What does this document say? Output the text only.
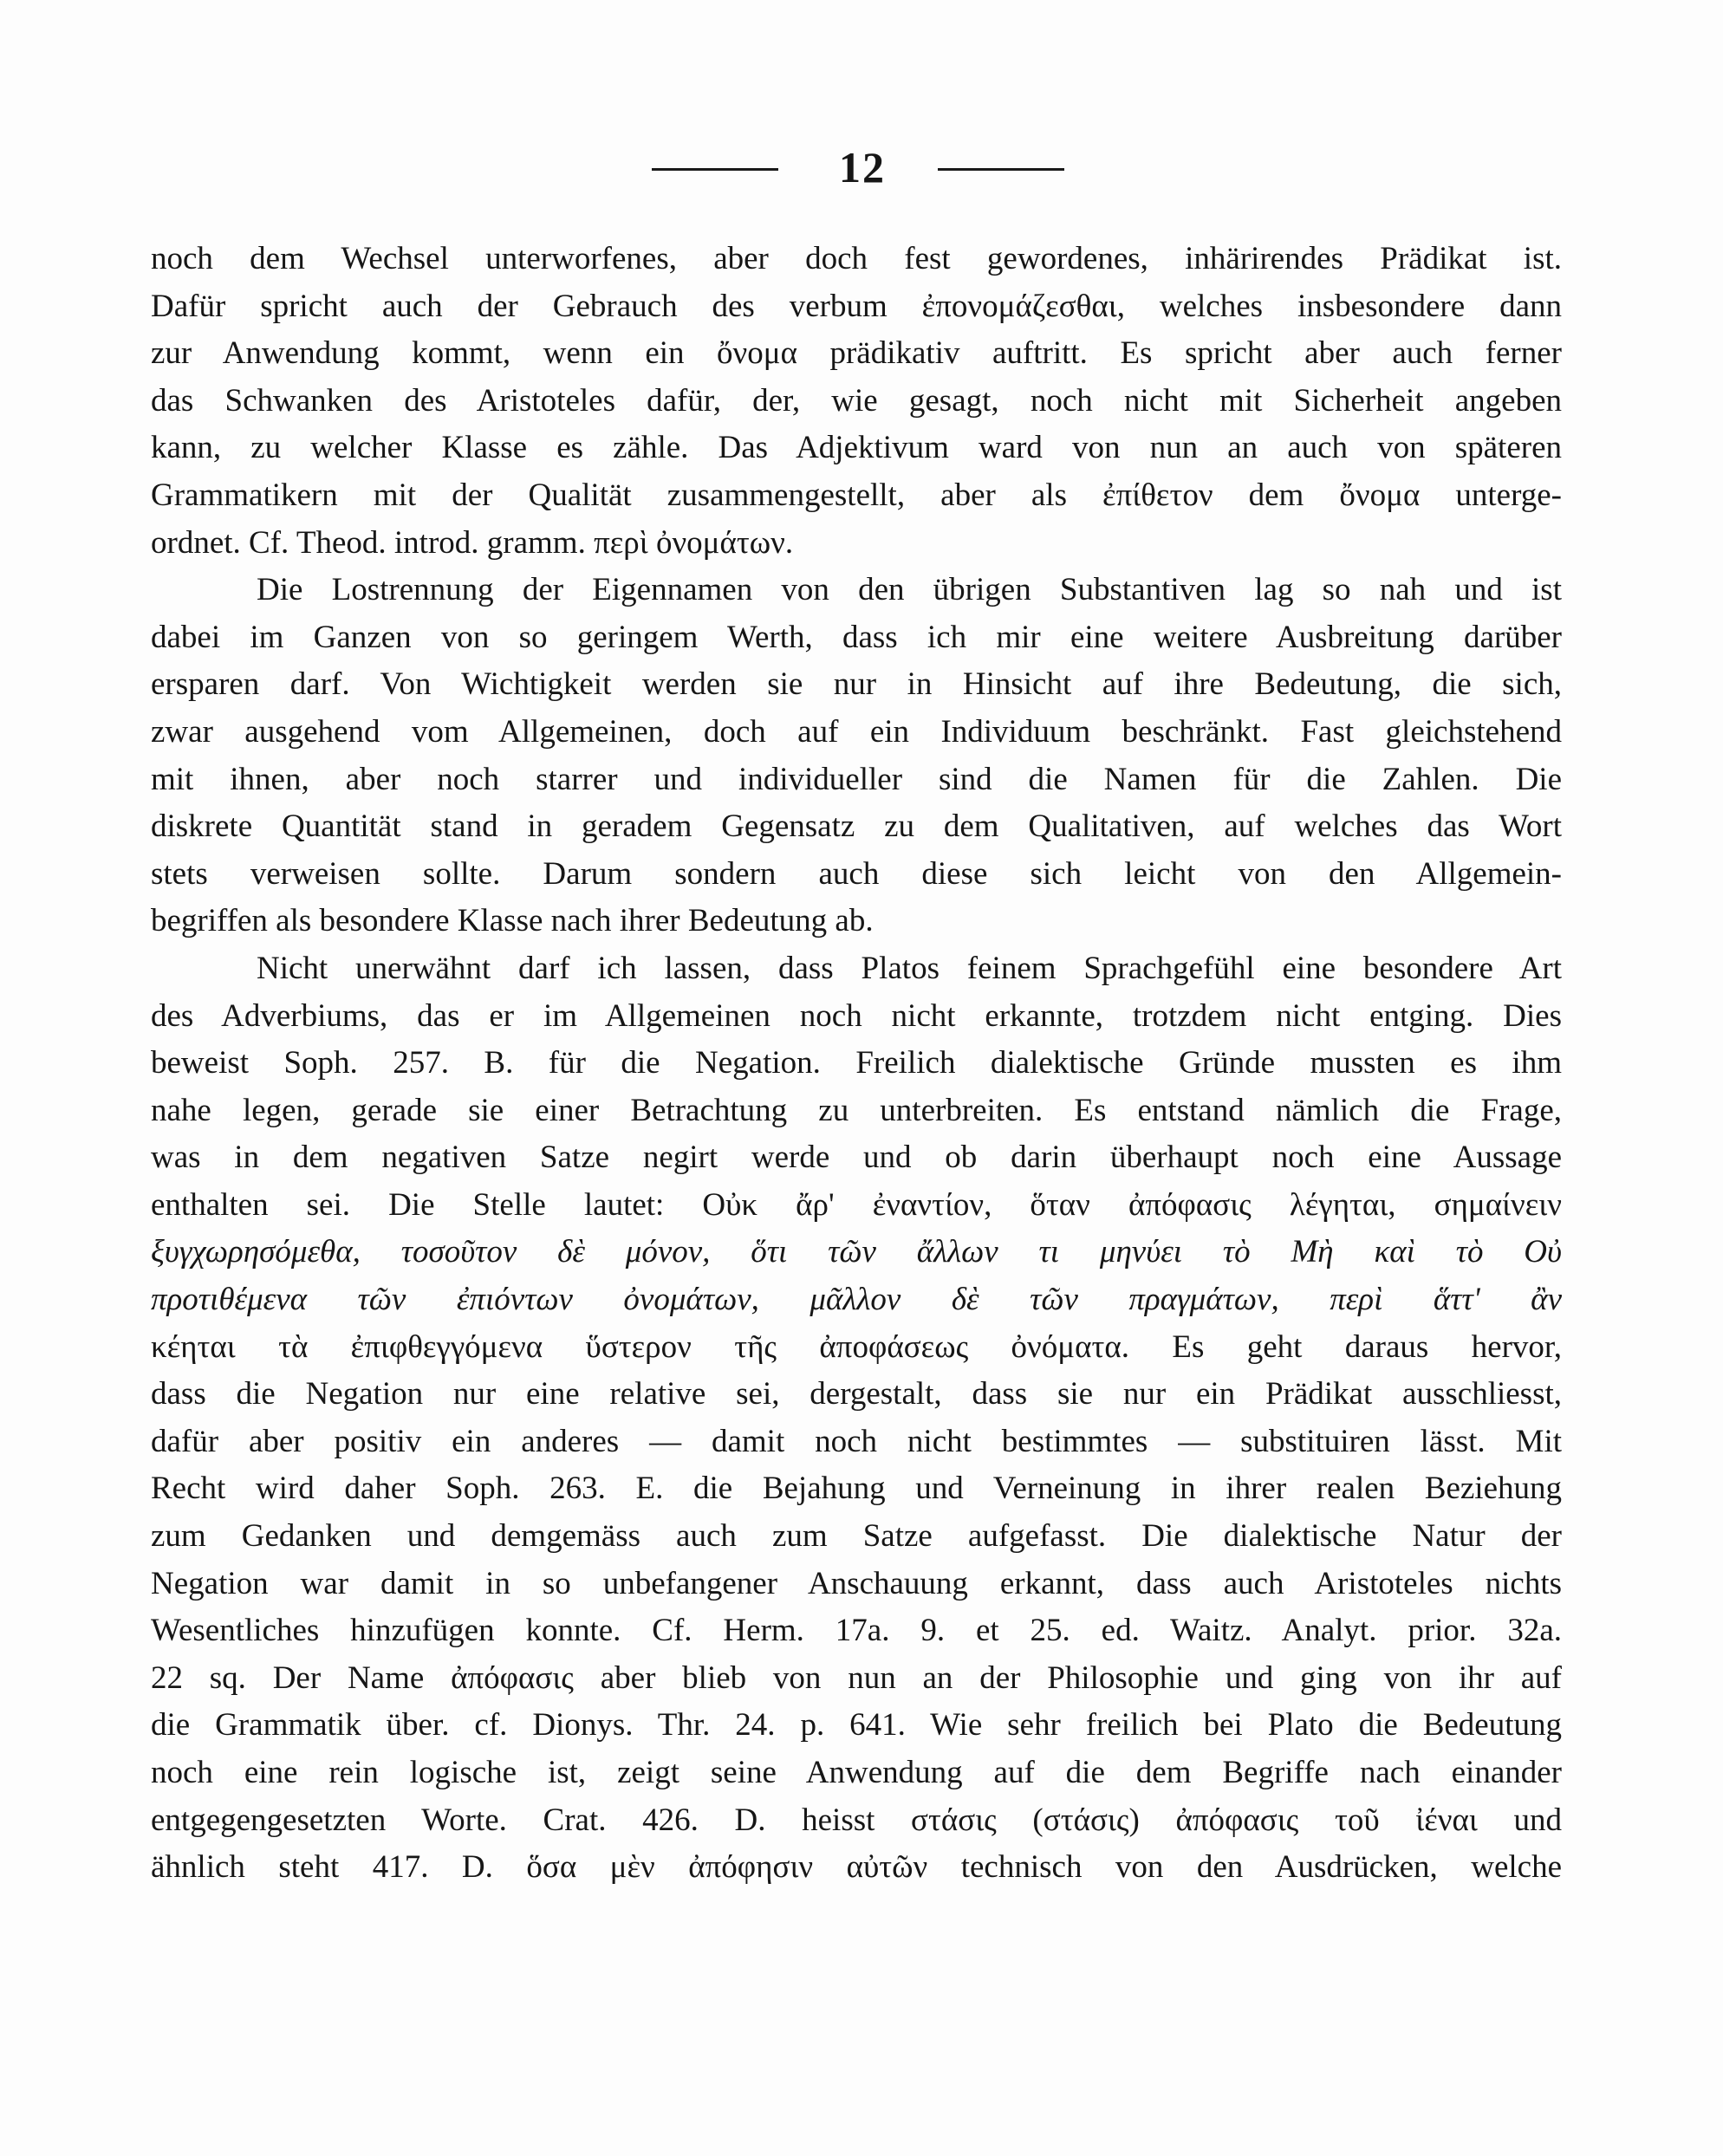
12
noch dem Wechsel unterworfenes, aber doch fest gewordenes, inhärirendes Prädikat ist.
Dafür spricht auch der Gebrauch des verbum ἐπονομάζεσθαι, welches insbesondere dann
zur Anwendung kommt, wenn ein ὄνομα prädikativ auftritt. Es spricht aber auch ferner
das Schwanken des Aristoteles dafür, der, wie gesagt, noch nicht mit Sicherheit angeben
kann, zu welcher Klasse es zähle. Das Adjektivum ward von nun an auch von späteren
Grammatikern mit der Qualität zusammengestellt, aber als ἐπίθετον dem ὄνομα unterge-
ordnet. Cf. Theod. introd. gramm. περὶ ὀνομάτων.
Die Lostrennung der Eigennamen von den übrigen Substantiven lag so nah und ist
dabei im Ganzen von so geringem Werth, dass ich mir eine weitere Ausbreitung darüber
ersparen darf. Von Wichtigkeit werden sie nur in Hinsicht auf ihre Bedeutung, die sich,
zwar ausgehend vom Allgemeinen, doch auf ein Individuum beschränkt. Fast gleichstehend
mit ihnen, aber noch starrer und individueller sind die Namen für die Zahlen. Die
diskrete Quantität stand in geradem Gegensatz zu dem Qualitativen, auf welches das Wort
stets verweisen sollte. Darum sondern auch diese sich leicht von den Allgemein-
begriffen als besondere Klasse nach ihrer Bedeutung ab.
Nicht unerwähnt darf ich lassen, dass Platos feinem Sprachgefühl eine besondere Art
des Adverbiums, das er im Allgemeinen noch nicht erkannte, trotzdem nicht entging. Dies
beweist Soph. 257. B. für die Negation. Freilich dialektische Gründe mussten es ihm
nahe legen, gerade sie einer Betrachtung zu unterbreiten. Es entstand nämlich die Frage,
was in dem negativen Satze negirt werde und ob darin überhaupt noch eine Aussage
enthalten sei. Die Stelle lautet: Οὐκ ἄρ' ἐναντίον, ὅταν ἀπόφασις λέγηται, σημαίνειν
ξυγχωρησόμεθα, τοσοῦτον δὲ μόνον, ὅτι τῶν ἄλλων τι μηνύει τὸ Μὴ καὶ τὸ Οὐ
προτιθέμενα τῶν ἐπιόντων ὀνομάτων, μᾶλλον δὲ τῶν πραγμάτων, περὶ ἅττ' ἂν
κέηται τὰ ἐπιφθεγγόμενα ὕστερον τῆς ἀποφάσεως ὀνόματα. Es geht daraus hervor,
dass die Negation nur eine relative sei, dergestalt, dass sie nur ein Prädikat ausschliesst,
dafür aber positiv ein anderes — damit noch nicht bestimmtes — substituiren lässt. Mit
Recht wird daher Soph. 263. E. die Bejahung und Verneinung in ihrer realen Beziehung
zum Gedanken und demgemäss auch zum Satze aufgefasst. Die dialektische Natur der
Negation war damit in so unbefangener Anschauung erkannt, dass auch Aristoteles nichts
Wesentliches hinzufügen konnte. Cf. Herm. 17a. 9. et 25. ed. Waitz. Analyt. prior. 32a.
22 sq. Der Name ἀπόφασις aber blieb von nun an der Philosophie und ging von ihr auf
die Grammatik über. cf. Dionys. Thr. 24. p. 641. Wie sehr freilich bei Plato die Bedeutung
noch eine rein logische ist, zeigt seine Anwendung auf die dem Begriffe nach einander
entgegengesetzten Worte. Crat. 426. D. heisst στάσις (στάσις) ἀπόφασις τοῦ ἰέναι und
ähnlich steht 417. D. ὅσα μὲν ἀπόφησιν αὐτῶν technisch von den Ausdrücken, welche
